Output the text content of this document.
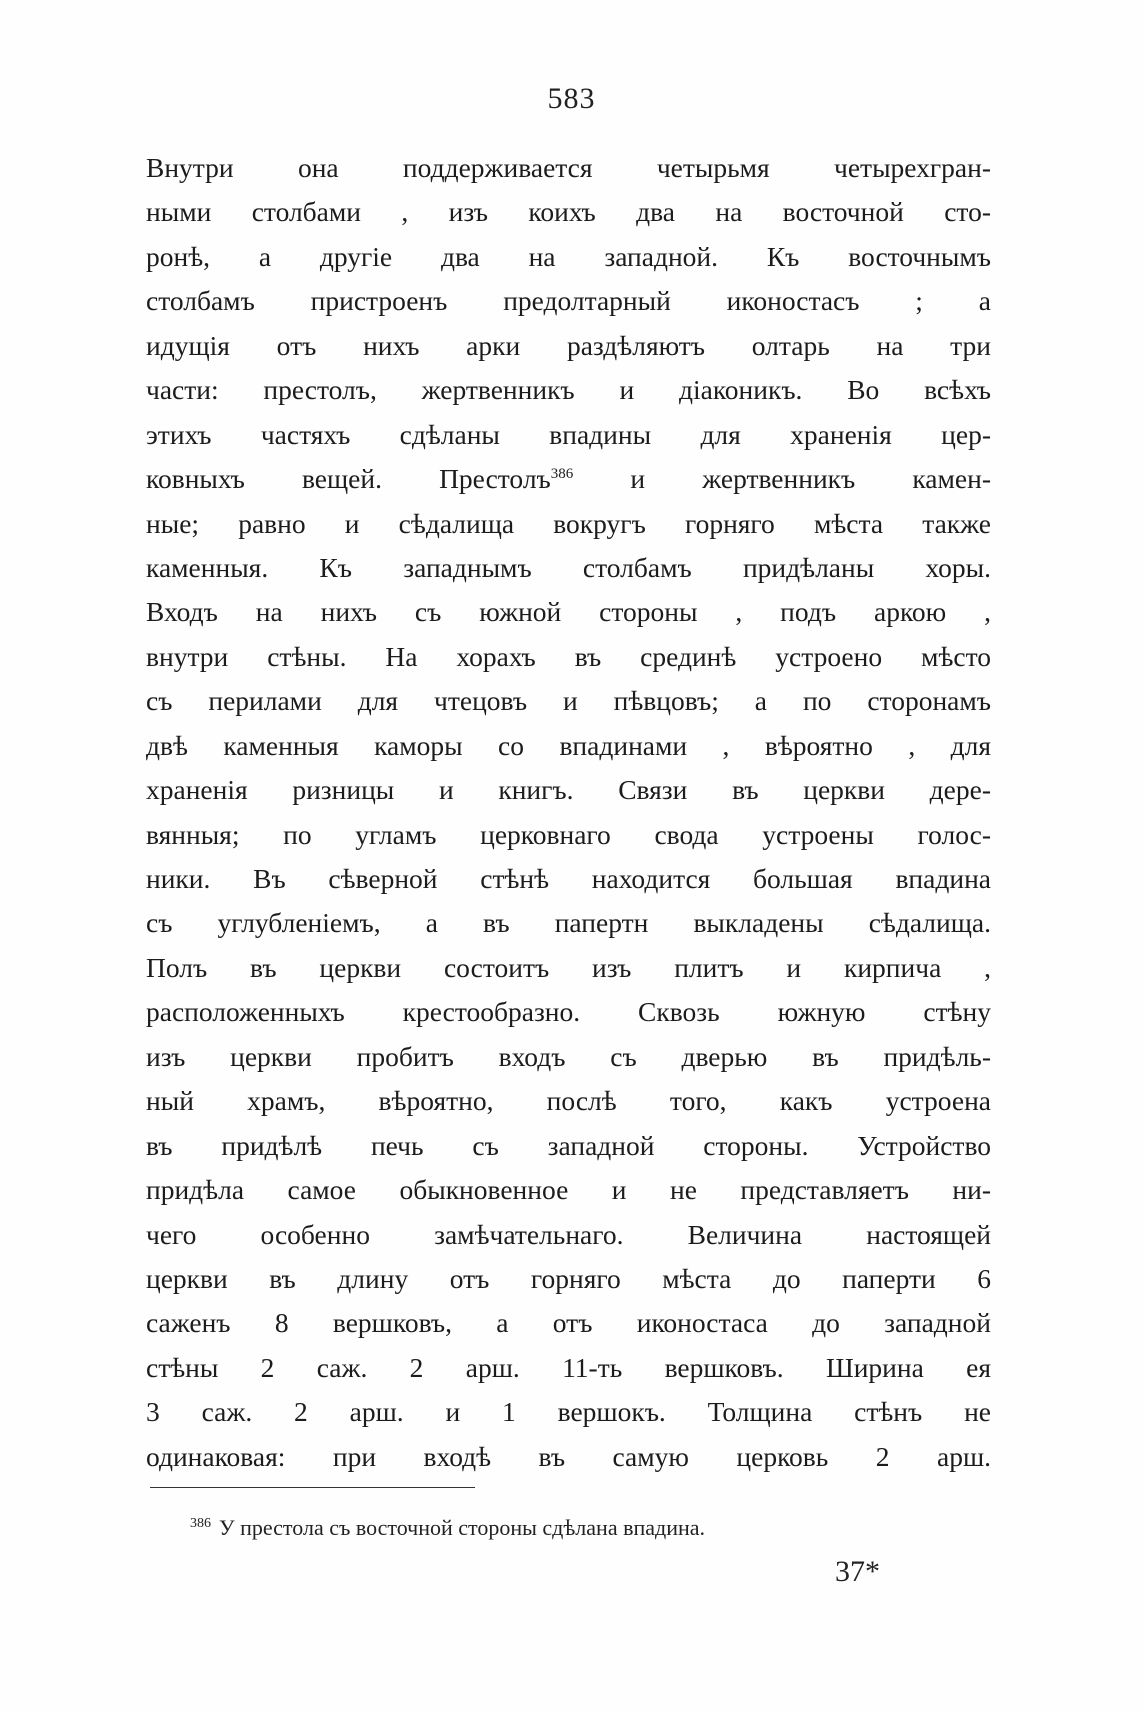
583
Внутри она поддерживается четырьмя четырехгран-
ными столбами , изъ коихъ два на восточной сто-
ронѣ, а другіе два на западной. Къ восточнымъ
столбамъ пристроенъ предолтарный иконостасъ ; а
идущія отъ нихъ арки раздѣляютъ олтарь на три
части: престолъ, жертвенникъ и діаконикъ. Во всѣхъ
этихъ частяхъ сдѣланы впадины для храненія цер-
ковныхъ вещей. Престолъ$^{386}$ и жертвенникъ камен-
ные; равно и сѣдалища вокругъ горняго мѣста также
каменныя. Къ западнымъ столбамъ придѣланы хоры.
Входъ на нихъ съ южной стороны , подъ аркою ,
внутри стѣны. На хорахъ въ срединѣ устроено мѣсто
съ перилами для чтецовъ и пѣвцовъ; а по сторонамъ
двѣ каменныя каморы со впадинами , вѣроятно , для
храненія ризницы и книгъ. Связи въ церкви дере-
вянныя; по угламъ церковнаго свода устроены голос-
ники. Въ сѣверной стѣнѣ находится большая впадина
съ углубленіемъ, а въ папертн выкладены сѣдалища.
Полъ въ церкви состоитъ изъ плитъ и кирпича ,
расположенныхъ крестообразно. Сквозь южную стѣну
изъ церкви пробитъ входъ съ дверью въ придѣль-
ный храмъ, вѣроятно, послѣ того, какъ устроена
въ придѣлѣ печь съ западной стороны. Устройство
придѣла самое обыкновенное и не представляетъ ни-
чего особенно замѣчательнаго. Величина настоящей
церкви въ длину отъ горняго мѣста до паперти 6
саженъ 8 вершковъ, а отъ иконостаса до западной
стѣны 2 саж. 2 арш. 11-ть вершковъ. Ширина ея
3 саж. 2 арш. и 1 вершокъ. Толщина стѣнъ не
одинаковая: при входѣ въ самую церковь 2 арш.
$^{386}$ У престола съ восточной стороны сдѣлана впадина.
37*
